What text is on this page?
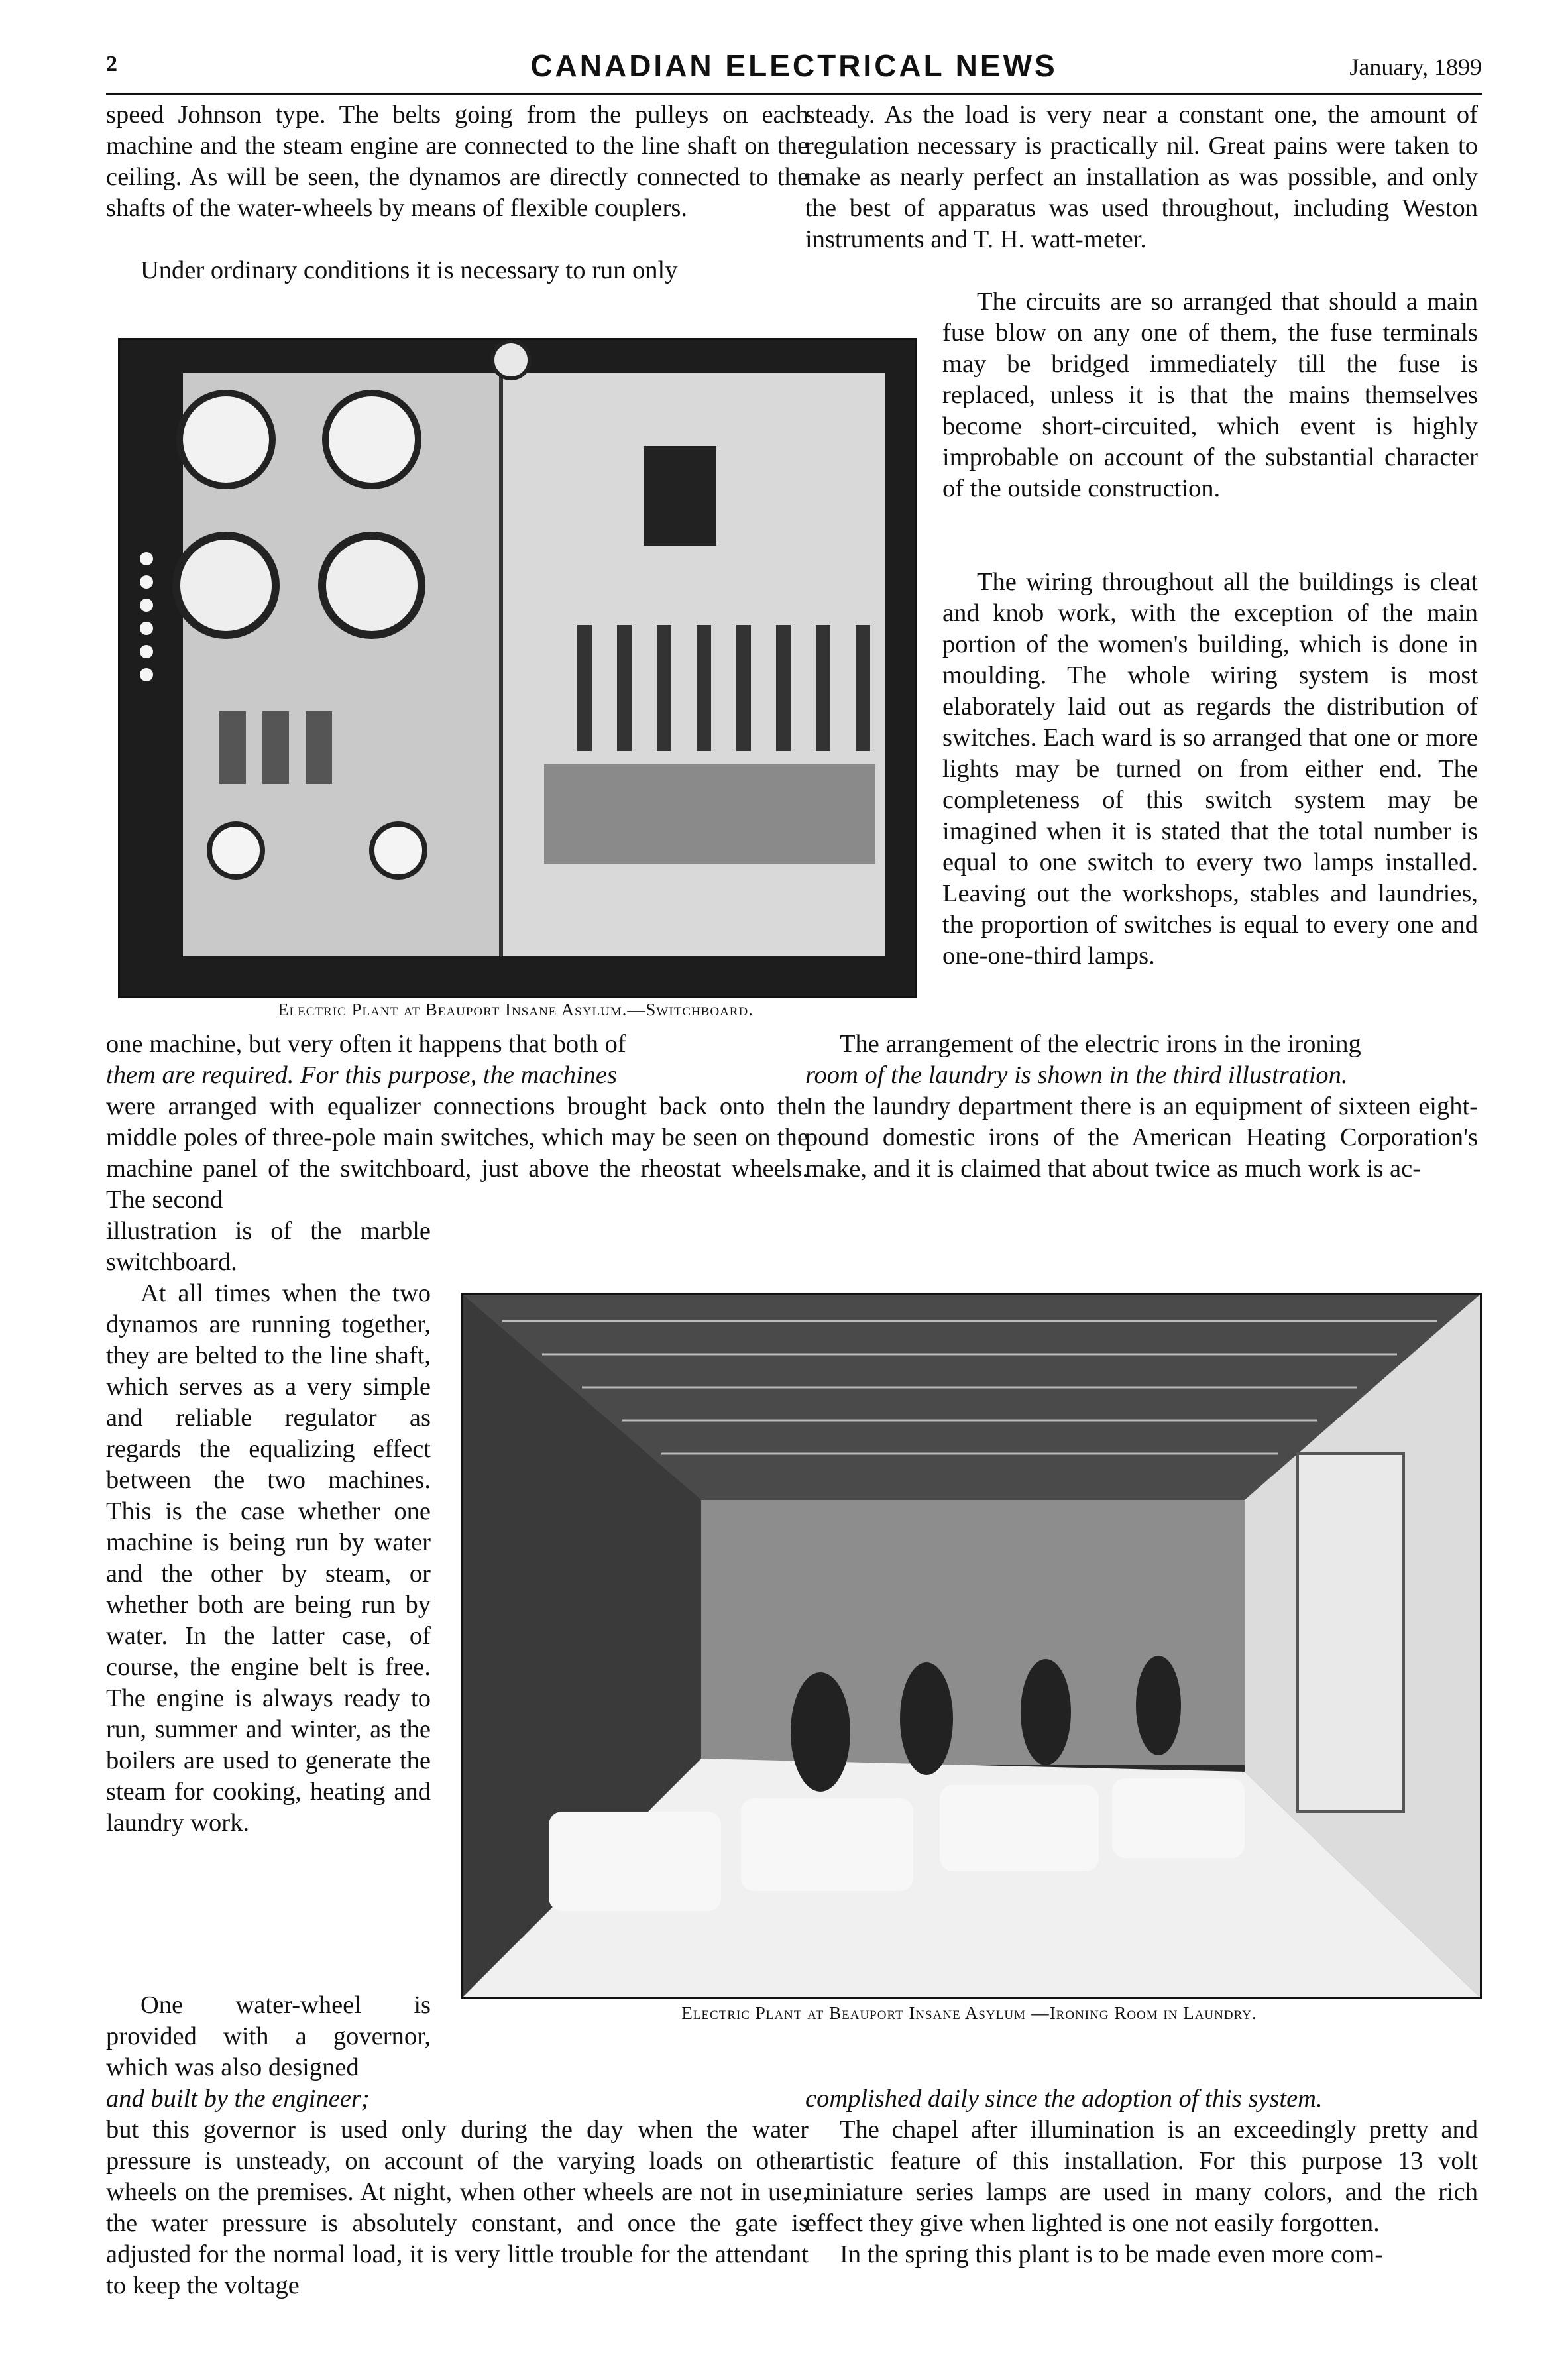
2	CANADIAN ELECTRICAL NEWS	January, 1899
speed Johnson type. The belts going from the pulleys on each machine and the steam engine are connected to the line shaft on the ceiling. As will be seen, the dynamos are directly connected to the shafts of the water-wheels by means of flexible couplers.
Under ordinary conditions it is necessary to run only
Electric Plant at Beauport Insane Asylum.—Switchboard.
one machine, but very often it happens that both of
them are required. For this purpose, the machines
were arranged with equalizer connections brought back onto the middle poles of three-pole main switches, which may be seen on the machine panel of the switchboard, just above the rheostat wheels. The second
illustration is of the marble switchboard.
At all times when the two dynamos are running together, they are belted to the line shaft, which serves as a very simple and reliable regulator as regards the equalizing effect between the two machines. This is the case whether one machine is being run by water and the other by steam, or whether both are being run by water. In the latter case, of course, the engine belt is free. The engine is always ready to run, summer and winter, as the boilers are used to generate the steam for cooking, heating and laundry work.
One water-wheel is provided with a governor, which was also designed
and built by the engineer;
but this governor is used only during the day when the water pressure is unsteady, on account of the varying loads on other wheels on the premises. At night, when other wheels are not in use, the water pressure is absolutely constant, and once the gate is adjusted for the normal load, it is very little trouble for the attendant to keep the voltage
steady. As the load is very near a constant one, the amount of regulation necessary is practically nil. Great pains were taken to make as nearly perfect an installation as was possible, and only the best of apparatus was used throughout, including Weston instruments and T. H. watt-meter.
The circuits are so arranged that should a main fuse blow on any one of them, the fuse terminals may be bridged immediately till the fuse is replaced, unless it is that the mains themselves become short-circuited, which event is highly improbable on account of the substantial character of the outside construction.
The wiring throughout all the buildings is cleat and knob work, with the exception of the main portion of the women's building, which is done in moulding. The whole wiring system is most elaborately laid out as regards the distribution of switches. Each ward is so arranged that one or more lights may be turned on from either end. The completeness of this switch system may be imagined when it is stated that the total number is equal to one switch to every two lamps installed. Leaving out the workshops, stables and laundries, the proportion of switches is equal to every one and one-one-third lamps.
The arrangement of the electric irons in the ironing
room of the laundry is shown in the third illustration.
In the laundry department there is an equipment of sixteen eight-pound domestic irons of the American Heating Corporation's make, and it is claimed that about twice as much work is ac-
Electric Plant at Beauport Insane Asylum —Ironing Room in Laundry.
complished daily since the adoption of this system.
The chapel after illumination is an exceedingly pretty and artistic feature of this installation. For this purpose 13 volt miniature series lamps are used in many colors, and the rich effect they give when lighted is one not easily forgotten.
In the spring this plant is to be made even more com-
